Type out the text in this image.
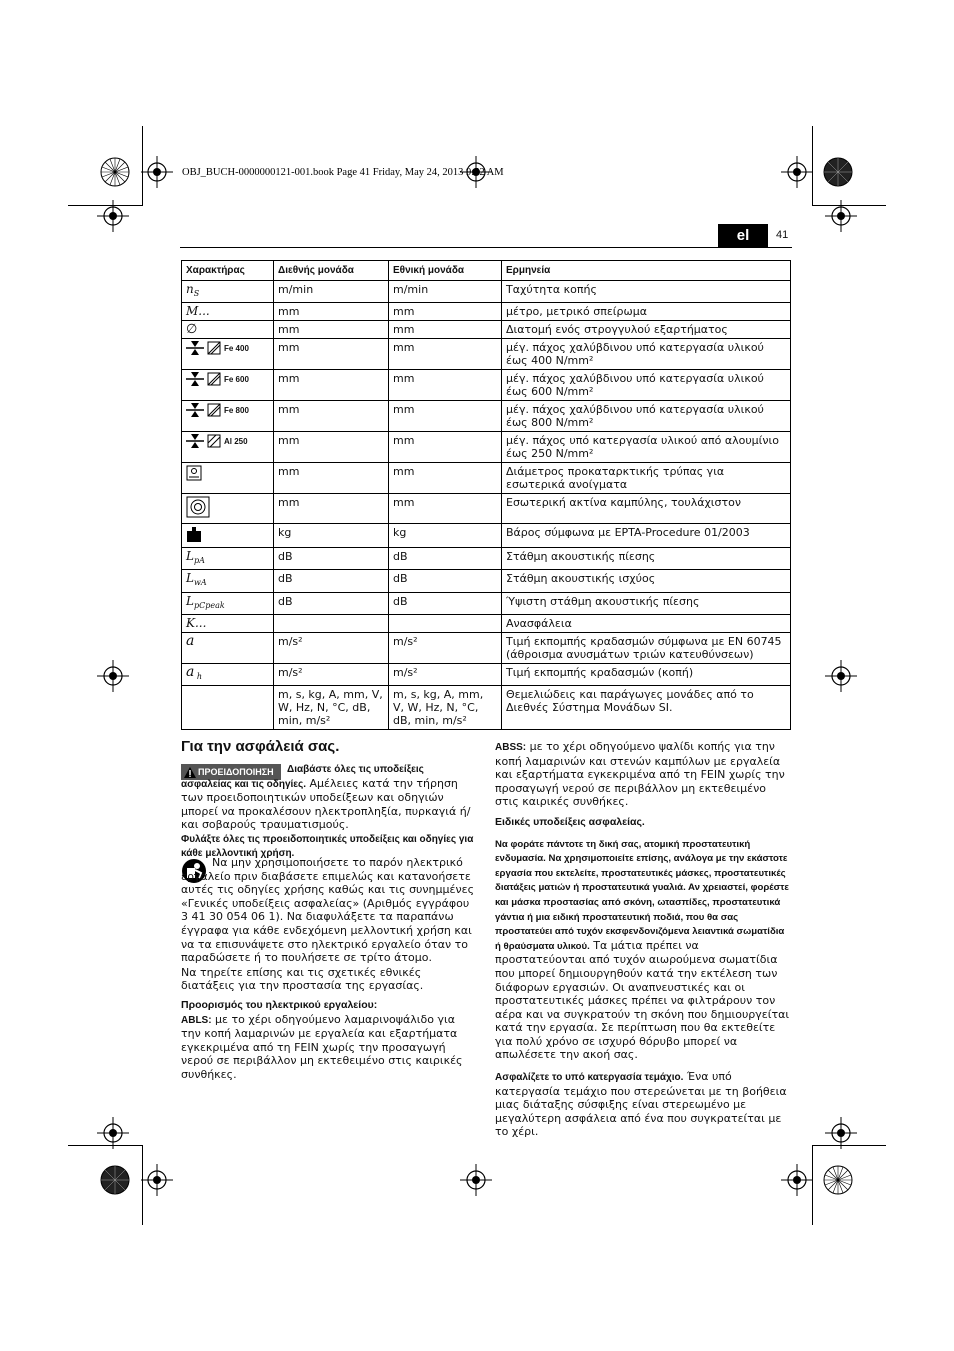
OBJ_BUCH-0000000121-001.book Page 41 Friday, May 24, 2013 9:52 AM
el	41
Χαρακτήρας	Διεθνής μονάδα	Εθνική μονάδα	Ερμηνεία
$n_S$	m/min	m/min	Ταχύτητα κοπής
M...	mm	mm	μέτρο, μετρικό σπείρωμα
∅	mm	mm	Διατομή ενός στρογγυλού εξαρτήματος

Fe 400	mm	mm	μέγ. πάχος χαλύβδινου υπό κατεργασία υλικού έως 400 N/mm²

Fe 600	mm	mm	μέγ. πάχος χαλύβδινου υπό κατεργασία υλικού έως 600 N/mm²

Fe 800	mm	mm	μέγ. πάχος χαλύβδινου υπό κατεργασία υλικού έως 800 N/mm²

Al 250	mm	mm	μέγ. πάχος υπό κατεργασία υλικού από αλουμίνιο έως 250 N/mm²
	mm	mm	Διάμετρος προκαταρκτικής τρύπας για εσωτερικά ανοίγματα
	mm	mm	Εσωτερική ακτίνα καμπύλης, τουλάχιστον
	kg	kg	Βάρος σύμφωνα με EPTA-Procedure 01/2003
$L_{pA}$	dB	dB	Στάθμη ακουστικής πίεσης
$L_{wA}$	dB	dB	Στάθμη ακουστικής ισχύος
$L_{pCpeak}$	dB	dB	Ύψιστη στάθμη ακουστικής πίεσης
K...			Ανασφάλεια
a	m/s²	m/s²	Τιμή εκπομπής κραδασμών σύμφωνα με EN 60745 (άθροισμα ανυσμάτων τριών κατευθύνσεων)
a $_h$	m/s²	m/s²	Τιμή εκπομπής κραδασμών (κοπή)
	m, s, kg, A, mm, V, W, Hz, N, °C, dB, min, m/s²	m, s, kg, A, mm, V, W, Hz, N, °C, dB, min, m/s²	Θεμελιώδεις και παράγωγες μονάδες από το Διεθνές Σύστημα Μονάδων SI.
Για την ασφάλειά σας.
ΠΡΟΕΙΔΟΠΟΙΗΣΗ	Διαβάστε όλες τις υποδείξεις ασφαλείας και τις οδηγίες. Αμέλειες κατά την τήρηση των προειδοποιητικών υποδείξεων και οδηγιών μπορεί να προκαλέσουν ηλεκτροπληξία, πυρκαγιά ή/και σοβαρούς τραυματισμούς.

Φυλάξτε όλες τις προειδοποιητικές υποδείξεις και οδηγίες για κάθε μελλοντική χρήση.

Να μην χρησιμοποιήσετε το παρόν ηλεκτρικό εργαλείο πριν διαβάσετε επιμελώς και κατανοήσετε αυτές τις οδηγίες χρήσης καθώς και τις συνημμένες «Γενικές υποδείξεις ασφαλείας» (Αριθμός εγγράφου 3 41 30 054 06 1). Να διαφυλάξετε τα παραπάνω έγγραφα για κάθε ενδεχόμενη μελλοντική χρήση και να τα επισυνάψετε στο ηλεκτρικό εργαλείο όταν το παραδώσετε ή το πουλήσετε σε τρίτο άτομο.

Να τηρείτε επίσης και τις σχετικές εθνικές διατάξεις για την προστασία της εργασίας.

Προορισμός του ηλεκτρικού εργαλείου:

ABLS: με το χέρι οδηγούμενο λαμαρινοψάλιδο για την κοπή λαμαρινών με εργαλεία και εξαρτήματα εγκεκριμένα από τη FEIN χωρίς την προσαγωγή νερού σε περιβάλλον μη εκτεθειμένο στις καιρικές συνθήκες.

ABSS: με το χέρι οδηγούμενο ψαλίδι κοπής για την κοπή λαμαρινών και στενών καμπύλων με εργαλεία και εξαρτήματα εγκεκριμένα από τη FEIN χωρίς την προσαγωγή νερού σε περιβάλλον μη εκτεθειμένο στις καιρικές συνθήκες.

Ειδικές υποδείξεις ασφαλείας.

Να φοράτε πάντοτε τη δική σας, ατομική προστατευτική ενδυμασία. Να χρησιμοποιείτε επίσης, ανάλογα με την εκάστοτε εργασία που εκτελείτε, προστατευτικές μάσκες, προστατευτικές διατάξεις ματιών ή προστατευτικά γυαλιά. Αν χρειαστεί, φορέστε και μάσκα προστασίας από σκόνη, ωτασπίδες, προστατευτικά γάντια ή μια ειδική προστατευτική ποδιά, που θα σας προστατεύει από τυχόν εκσφενδονιζόμενα λειαντικά σωματίδια ή θραύσματα υλικού. Τα μάτια πρέπει να προστατεύονται από τυχόν αιωρούμενα σωματίδια που μπορεί δημιουργηθούν κατά την εκτέλεση των διάφορων εργασιών. Οι αναπνευστικές και οι προστατευτικές μάσκες πρέπει να φιλτράρουν τον αέρα και να συγκρατούν τη σκόνη που δημιουργείται κατά την εργασία. Σε περίπτωση που θα εκτεθείτε για πολύ χρόνο σε ισχυρό θόρυβο μπορεί να απωλέσετε την ακοή σας.

Ασφαλίζετε το υπό κατεργασία τεμάχιο. Ένα υπό κατεργασία τεμάχιο που στερεώνεται με τη βοήθεια μιας διάταξης σύσφιξης είναι στερεωμένο με μεγαλύτερη ασφάλεια από ένα που συγκρατείται με το χέρι.
